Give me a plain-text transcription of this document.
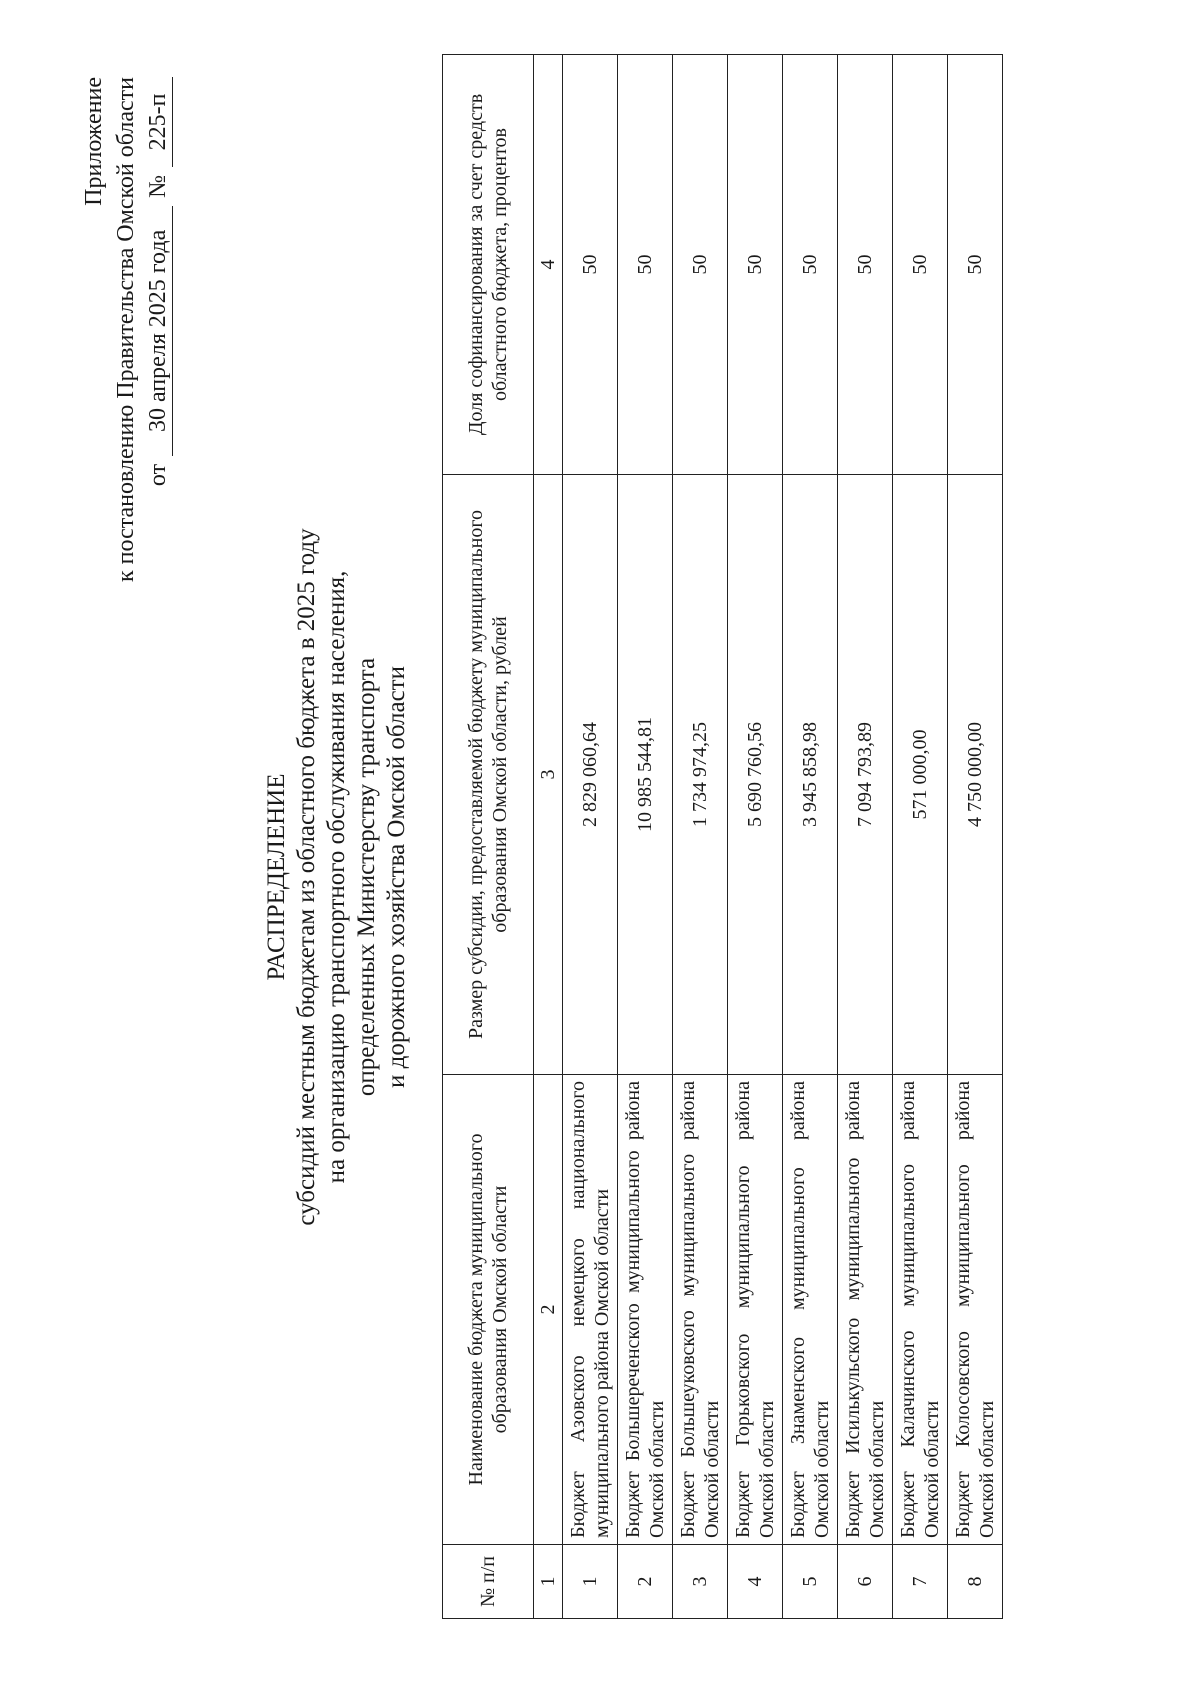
Приложение к постановлению Правительства Омской области от
30 апреля 2025 года
№
225-п
РАСПРЕДЕЛЕНИЕ субсидий местным бюджетам из областного бюджета в 2025 году на организацию транспортного обслуживания населения, определенных Министерству транспорта и дорожного хозяйства Омской области
№ п/п	Наименование бюджета муниципального образования Омской области	Размер субсидии, предоставляемой бюджету муниципального образования Омской области, рублей	Доля софинансирования за счет средств областного бюджета, процентов
1	2	3	4
1	Бюджет Азовского немецкого национального муниципального района Омской области	2 829 060,64	50
2	Бюджет Большереченского муниципального района Омской области	10 985 544,81	50
3	Бюджет Большеуковского муниципального района Омской области	1 734 974,25	50
4	Бюджет Горьковского муниципального района Омской области	5 690 760,56	50
5	Бюджет Знаменского муниципального района Омской области	3 945 858,98	50
6	Бюджет Исилькульского муниципального района Омской области	7 094 793,89	50
7	Бюджет Калачинского муниципального района Омской области	571 000,00	50
8	Бюджет Колосовского муниципального района Омской области	4 750 000,00	50
